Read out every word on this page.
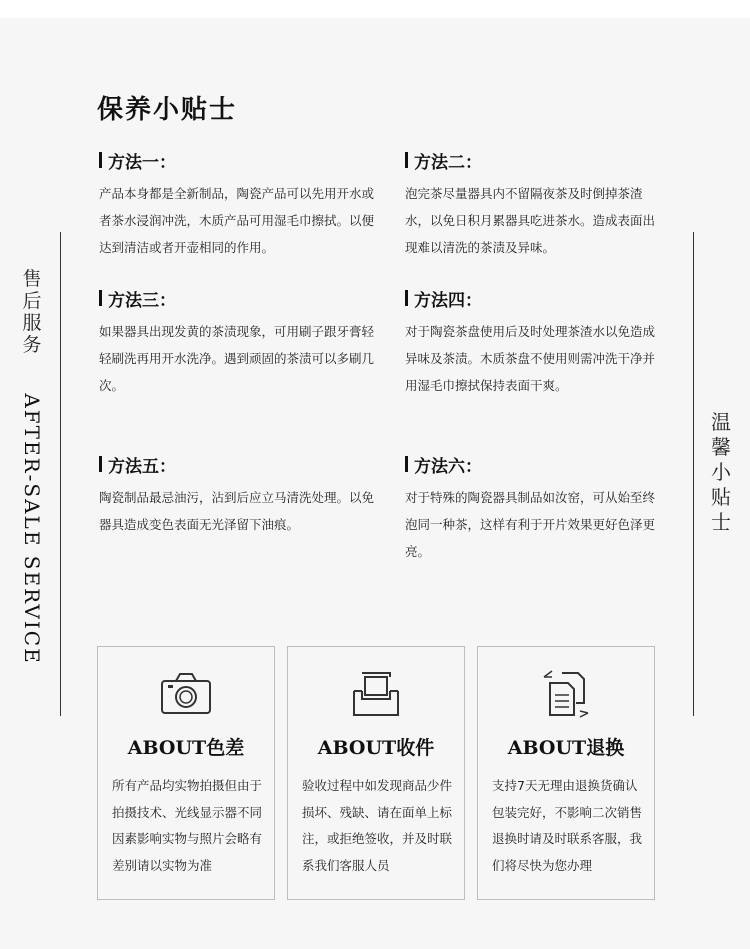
保养小贴士
方法一：
产品本身都是全新制品，陶瓷产品可以先用开水或者茶水浸润冲洗，木质产品可用湿毛巾擦拭。以便达到清洁或者开壶相同的作用。
方法二：
泡完茶尽量器具内不留隔夜茶及时倒掉茶渣水，以免日积月累器具吃进茶水。造成表面出现难以清洗的茶渍及异味。
方法三：
如果器具出现发黄的茶渍现象，可用刷子跟牙膏轻轻刷洗再用开水洗净。遇到顽固的茶渍可以多刷几次。
方法四：
对于陶瓷茶盘使用后及时处理茶渣水以免造成异味及茶渍。木质茶盘不使用则需冲洗干净并用湿毛巾擦拭保持表面干爽。
方法五：
陶瓷制品最忌油污，沾到后应立马清洗处理。以免器具造成变色表面无光泽留下油痕。
方法六：
对于特殊的陶瓷器具制品如汝窑，可从始至终泡同一种茶，这样有利于开片效果更好色泽更亮。
售后服务
AFTER-SALE SERVICE	温馨小贴士
ABOUT色差
所有产品均实物拍摄但由于拍摄技术、光线显示器不同因素影响实物与照片会略有差别请以实物为准
ABOUT收件
验收过程中如发现商品少件损坏、残缺、请在面单上标注，或拒绝签收，并及时联系我们客服人员
ABOUT退换
支持7天无理由退换货确认包装完好，不影响二次销售退换时请及时联系客服，我们将尽快为您办理
